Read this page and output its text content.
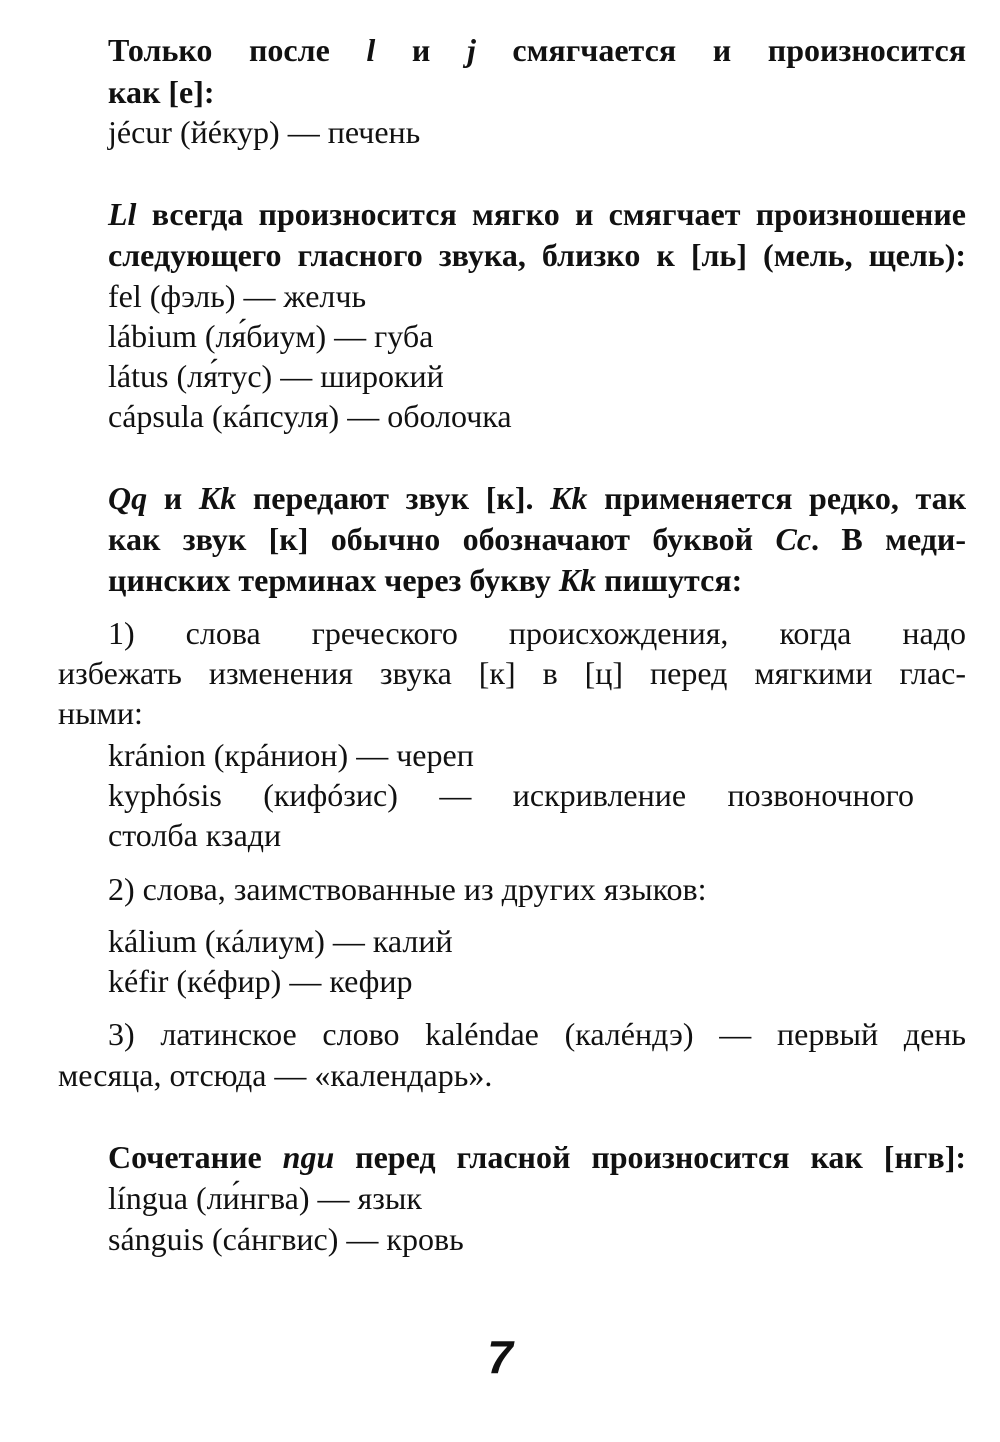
Только после l и j смягчается и произносится
как [e]:
jécur (йéкур) — печень
Ll всегда произносится мягко и смягчает произношение
следующего гласного звука, близко к [ль] (мель, щель):
fel (фэль) — желчь
lábium (ля́биум) — губа
látus (ля́тус) — широкий
cápsula (кáпсуля) — оболочка
Qq и Kk передают звук [к]. Kk применяется редко, так
как звук [к] обычно обозначают буквой Cc. В меди-
цинских терминах через букву Kk пишутся:
1) слова греческого происхождения, когда надо
избежать изменения звука [к] в [ц] перед мягкими глас-
ными:
kránion (крáнион) — череп
kyphósis (кифóзис) — искривление позвоночного
столба кзади
2) слова, заимствованные из других языков:
kálium (кáлиум) — калий
kéfir (кéфир) — кефир
3) латинское слово kaléndae (калéндэ) — первый день
месяца, отсюда — «календарь».
Сочетание ngu перед гласной произносится как [нгв]:
língua (ли́нгва) — язык
sánguis (сáнгвис) — кровь
7
